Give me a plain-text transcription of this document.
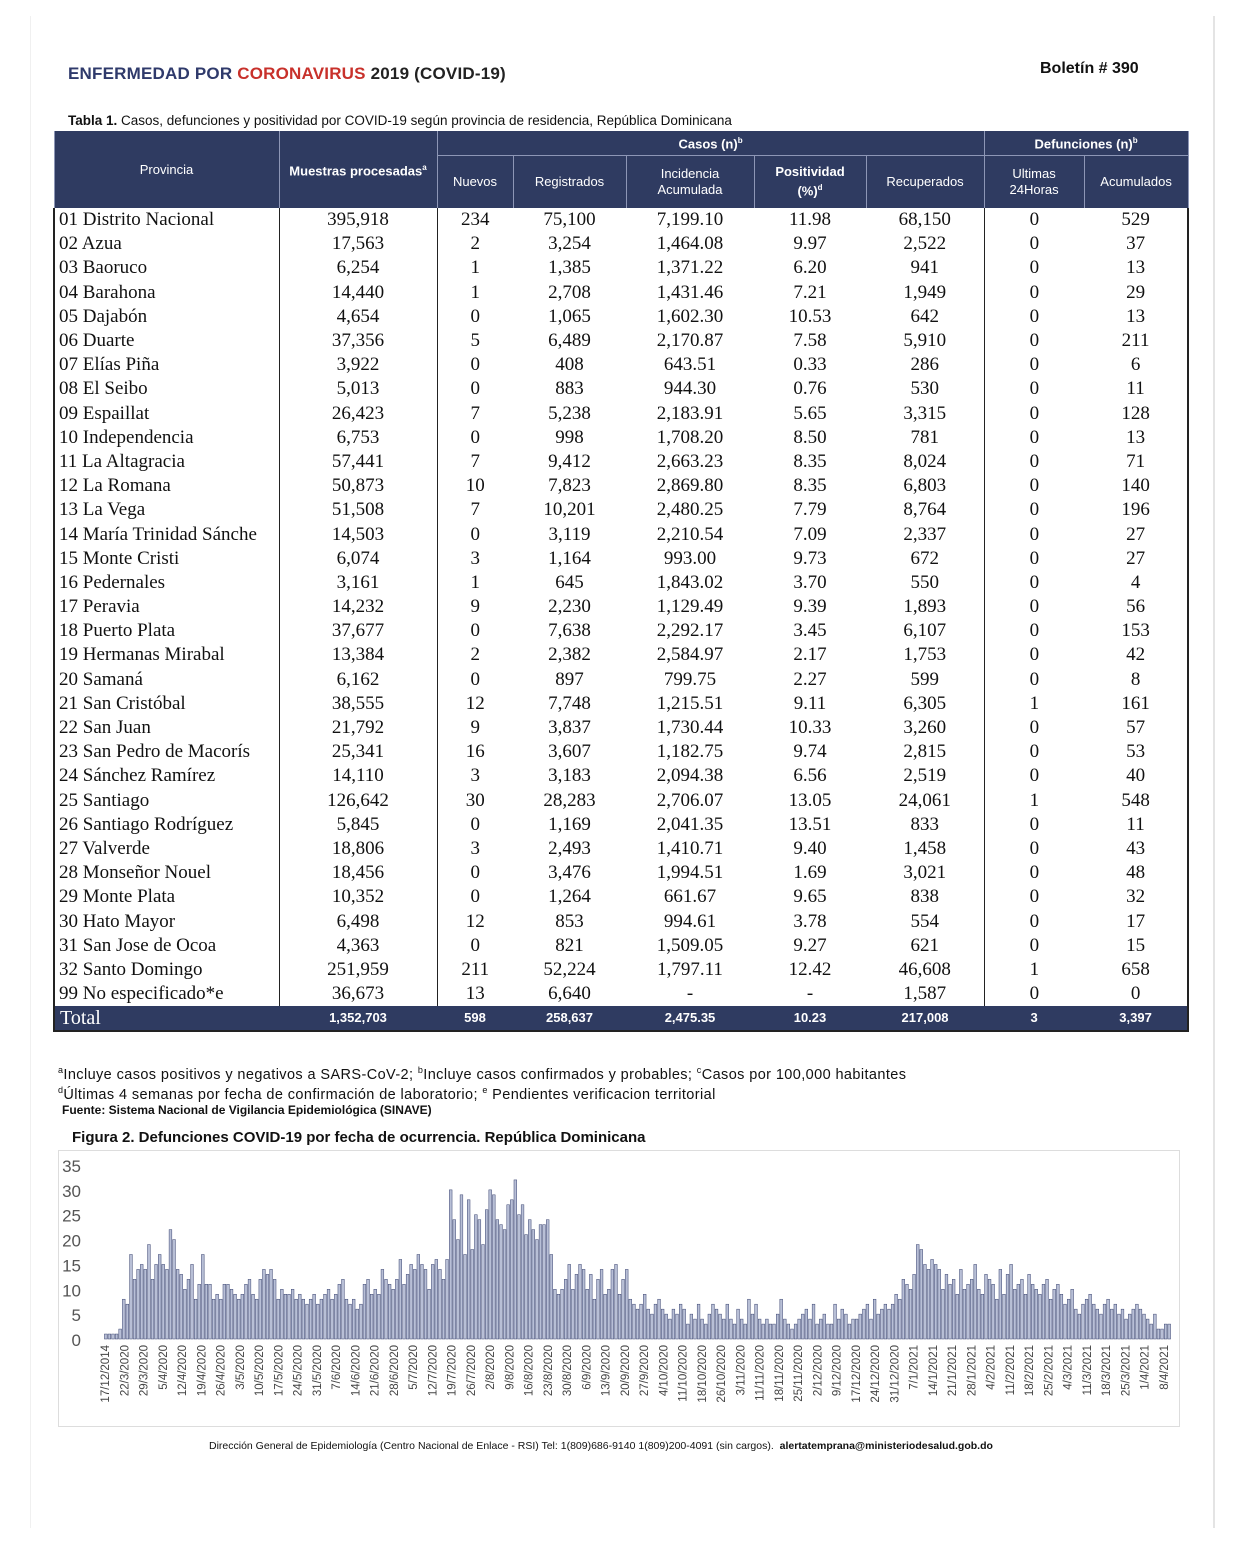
ENFERMEDAD POR CORONAVIRUS 2019 (COVID-19)	Boletín # 390
Tabla 1. Casos, defunciones y positividad por COVID-19 según provincia de residencia, República Dominicana
Provincia	Muestras procesadas$^a$	Casos $(n)^b$					Defunciones $(n)^b$
		Nuevos	Registrados	Incidencia
Acumulada	Positividad
(%)$^d$	Recuperados	Ultimas
24Horas	Acumulados
01 Distrito Nacional	395,918	234	75,100	7,199.10	11.98	68,150	0	529
02 Azua	17,563	2	3,254	1,464.08	9.97	2,522	0	37
03 Baoruco	6,254	1	1,385	1,371.22	6.20	941	0	13
04 Barahona	14,440	1	2,708	1,431.46	7.21	1,949	0	29
05 Dajabón	4,654	0	1,065	1,602.30	10.53	642	0	13
06 Duarte	37,356	5	6,489	2,170.87	7.58	5,910	0	211
07 Elías Piña	3,922	0	408	643.51	0.33	286	0	6
08 El Seibo	5,013	0	883	944.30	0.76	530	0	11
09 Espaillat	26,423	7	5,238	2,183.91	5.65	3,315	0	128
10 Independencia	6,753	0	998	1,708.20	8.50	781	0	13
11 La Altagracia	57,441	7	9,412	2,663.23	8.35	8,024	0	71
12 La Romana	50,873	10	7,823	2,869.80	8.35	6,803	0	140
13 La Vega	51,508	7	10,201	2,480.25	7.79	8,764	0	196
14 María Trinidad Sánche	14,503	0	3,119	2,210.54	7.09	2,337	0	27
15 Monte Cristi	6,074	3	1,164	993.00	9.73	672	0	27
16 Pedernales	3,161	1	645	1,843.02	3.70	550	0	4
17 Peravia	14,232	9	2,230	1,129.49	9.39	1,893	0	56
18 Puerto Plata	37,677	0	7,638	2,292.17	3.45	6,107	0	153
19 Hermanas Mirabal	13,384	2	2,382	2,584.97	2.17	1,753	0	42
20 Samaná	6,162	0	897	799.75	2.27	599	0	8
21 San Cristóbal	38,555	12	7,748	1,215.51	9.11	6,305	1	161
22 San Juan	21,792	9	3,837	1,730.44	10.33	3,260	0	57
23 San Pedro de Macorís	25,341	16	3,607	1,182.75	9.74	2,815	0	53
24 Sánchez Ramírez	14,110	3	3,183	2,094.38	6.56	2,519	0	40
25 Santiago	126,642	30	28,283	2,706.07	13.05	24,061	1	548
26 Santiago Rodríguez	5,845	0	1,169	2,041.35	13.51	833	0	11
27 Valverde	18,806	3	2,493	1,410.71	9.40	1,458	0	43
28 Monseñor Nouel	18,456	0	3,476	1,994.51	1.69	3,021	0	48
29 Monte Plata	10,352	0	1,264	661.67	9.65	838	0	32
30 Hato Mayor	6,498	12	853	994.61	3.78	554	0	17
31 San Jose de Ocoa	4,363	0	821	1,509.05	9.27	621	0	15
32 Santo Domingo	251,959	211	52,224	1,797.11	12.42	46,608	1	658
99 No especificado*e	36,673	13	6,640	-	-	1,587	0	0
Total	1,352,703	598	258,637	2,475.35	10.23	217,008	3	3,397
$^a$Incluye casos positivos y negativos a SARS-CoV-2; $^b$Incluye casos confirmados y probables; $^c$Casos por 100,000 habitantes
$^d$Últimas 4 semanas por fecha de confirmación de laboratorio; $^e$ Pendientes verificacion territorial
Fuente: Sistema Nacional de Vigilancia Epidemiológica (SINAVE)
Figura 2. Defunciones COVID-19 por fecha de ocurrencia. República Dominicana
0
5
10
15
20
25
30
35
17/12/2014 22/3/2020 29/3/2020 5/4/2020 12/4/2020 19/4/2020 26/4/2020 3/5/2020 10/5/2020 17/5/2020 24/5/2020 31/5/2020 7/6/2020 14/6/2020 21/6/2020 28/6/2020 5/7/2020 12/7/2020 19/7/2020 26/7/2020 2/8/2020 9/8/2020 16/8/2020 23/8/2020 30/8/2020 6/9/2020 13/9/2020 20/9/2020 27/9/2020 4/10/2020 11/10/2020 18/10/2020 26/10/2020 3/11/2020 11/11/2020 18/11/2020 25/11/2020 2/12/2020 9/12/2020 17/12/2020 24/12/2020 31/12/2020 7/1/2021 14/1/2021 21/1/2021 28/1/2021 4/2/2021 11/2/2021 18/2/2021 25/2/2021 4/3/2021 11/3/2021 18/3/2021 25/3/2021 1/4/2021 8/4/2021
Dirección General de Epidemiología (Centro Nacional de Enlace - RSI) Tel: 1(809)686-9140 1(809)200-4091 (sin cargos). alertatemprana@ministeriodesalud.gob.do
